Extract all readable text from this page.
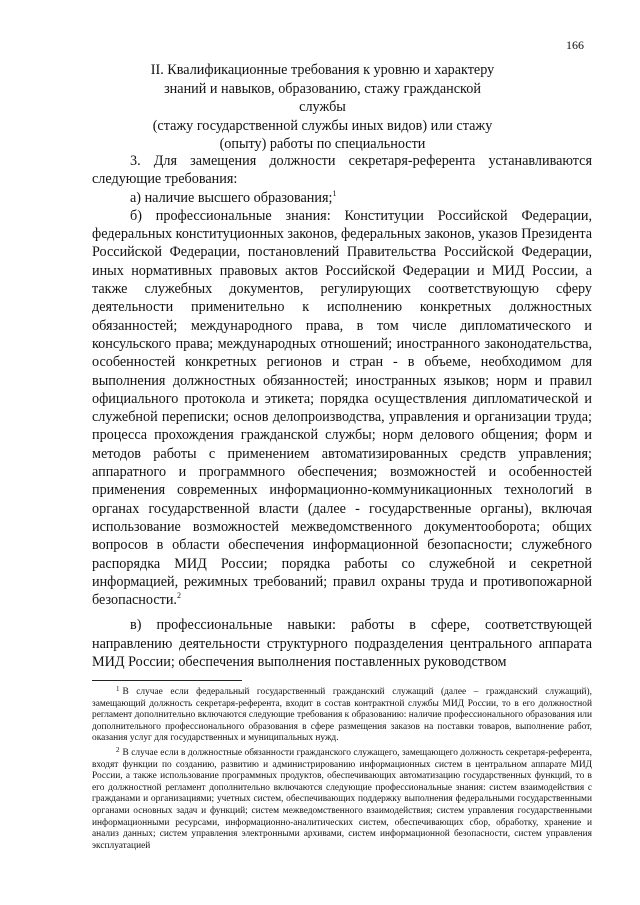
166
II. Квалификационные требования к уровню и характеру
знаний и навыков, образованию, стажу гражданской службы
(стажу государственной службы иных видов) или стажу
(опыту) работы по специальности

3. Для замещения должности секретаря-референта устанавливаются следующие требования:

а) наличие высшего образования;$^1$

б) профессиональные знания: Конституции Российской Федерации, федеральных конституционных законов, федеральных законов, указов Президента Российской Федерации, постановлений Правительства Российской Федерации, иных нормативных правовых актов Российской Федерации и МИД России, а также служебных документов, регулирующих соответствующую сферу деятельности применительно к исполнению конкретных должностных обязанностей; международного права, в том числе дипломатического и консульского права; международных отношений; иностранного законодательства, особенностей конкретных регионов и стран - в объеме, необходимом для выполнения должностных обязанностей; иностранных языков; норм и правил официального протокола и этикета; порядка осуществления дипломатической и служебной переписки; основ делопроизводства, управления и организации труда; процесса прохождения гражданской службы; норм делового общения; форм и методов работы с применением автоматизированных средств управления; аппаратного и программного обеспечения; возможностей и особенностей применения современных информационно-коммуникационных технологий в органах государственной власти (далее - государственные органы), включая использование возможностей межведомственного документооборота; общих вопросов в области обеспечения информационной безопасности; служебного распорядка МИД России; порядка работы со служебной и секретной информацией, режимных требований; правил охраны труда и противопожарной безопасности.$^2$

в) профессиональные навыки: работы в сфере, соответствующей направлению деятельности структурного подразделения центрального аппарата МИД России; обеспечения выполнения поставленных руководством

$^1$ В случае если федеральный государственный гражданский служащий (далее – гражданский служащий), замещающий должность секретаря-референта, входит в состав контрактной службы МИД России, то в его должностной регламент дополнительно включаются следующие требования к образованию: наличие профессионального образования или дополнительного профессионального образования в сфере размещения заказов на поставки товаров, выполнение работ, оказания услуг для государственных и муниципальных нужд.

$^2$ В случае если в должностные обязанности гражданского служащего, замещающего должность секретаря-референта, входят функции по созданию, развитию и администрированию информационных систем в центральном аппарате МИД России, а также использование программных продуктов, обеспечивающих автоматизацию государственных функций, то в его должностной регламент дополнительно включаются следующие профессиональные знания: систем взаимодействия с гражданами и организациями; учетных систем, обеспечивающих поддержку выполнения федеральными государственными органами основных задач и функций; систем межведомственного взаимодействия; систем управления государственными информационными ресурсами, информационно-аналитических систем, обеспечивающих сбор, обработку, хранение и анализ данных; систем управления электронными архивами, систем информационной безопасности, систем управления эксплуатацией
